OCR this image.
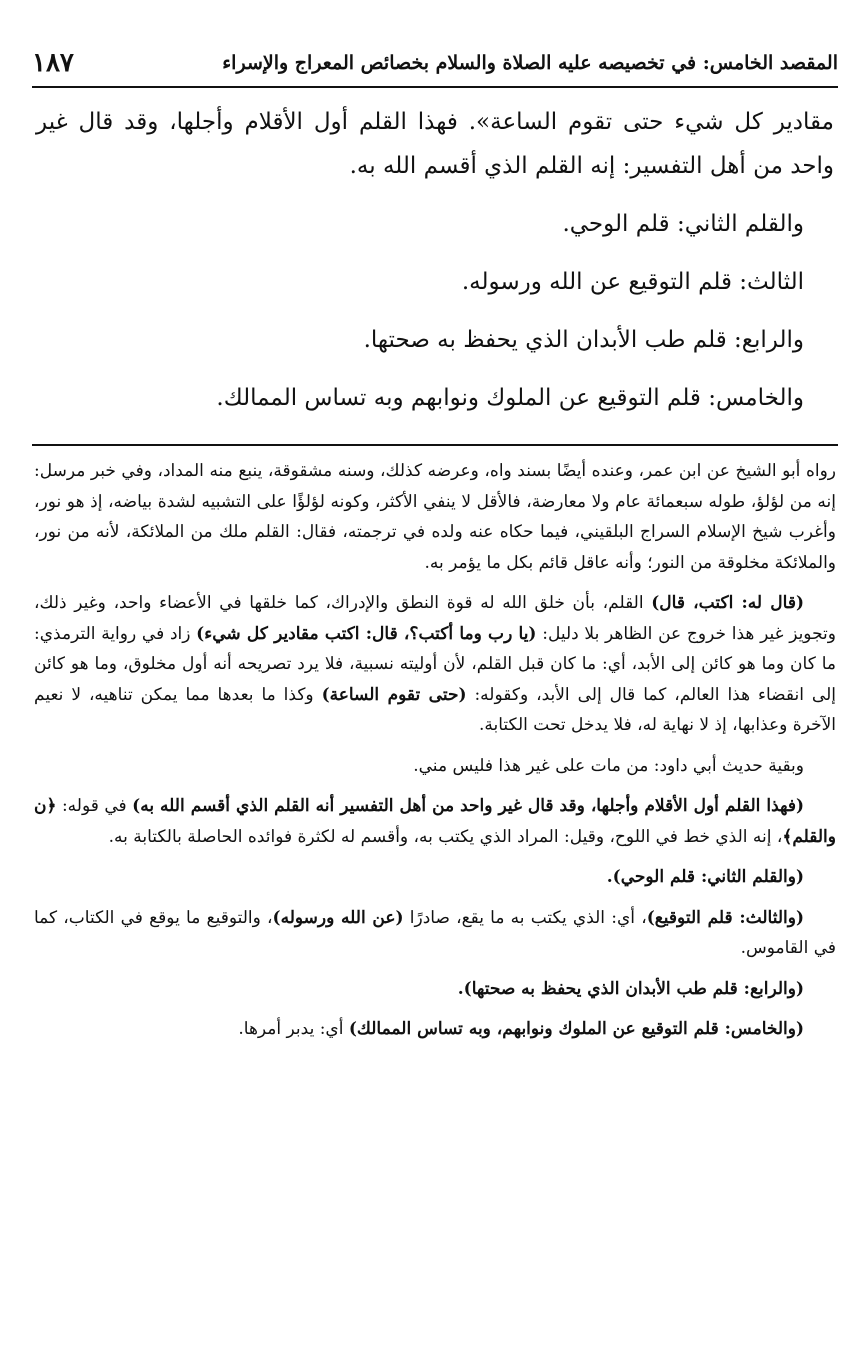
١٨٧	المقصد الخامس: في تخصيصه عليه الصلاة والسلام بخصائص المعراج والإسراء

مقادير كل شيء حتى تقوم الساعة». فهذا القلم أول الأقلام وأجلها، وقد قال غير واحد من أهل التفسير: إنه القلم الذي أقسم الله به.

والقلم الثاني: قلم الوحي.

الثالث: قلم التوقيع عن الله ورسوله.

والرابع: قلم طب الأبدان الذي يحفظ به صحتها.

والخامس: قلم التوقيع عن الملوك ونوابهم وبه تساس الممالك.

رواه أبو الشيخ عن ابن عمر، وعنده أيضًا بسند واه، وعرضه كذلك، وسنه مشقوقة، ينبع منه المداد، وفي خبر مرسل: إنه من لؤلؤ، طوله سبعمائة عام ولا معارضة، فالأقل لا ينفي الأكثر، وكونه لؤلؤًا على التشبيه لشدة بياضه، إذ هو نور، وأغرب شيخ الإسلام السراج البلقيني، فيما حكاه عنه ولده في ترجمته، فقال: القلم ملك من الملائكة، لأنه من نور، والملائكة مخلوقة من النور؛ وأنه عاقل قائم بكل ما يؤمر به.

(قال له: اكتب، قال) القلم، بأن خلق الله له قوة النطق والإدراك، كما خلقها في الأعضاء واحد، وغير ذلك، وتجويز غير هذا خروج عن الظاهر بلا دليل: (يا رب وما أكتب؟، قال: اكتب مقادير كل شيء) زاد في رواية الترمذي: ما كان وما هو كائن إلى الأبد، أي: ما كان قبل القلم، لأن أوليته نسبية، فلا يرد تصريحه أنه أول مخلوق، وما هو كائن إلى انقضاء هذا العالم، كما قال إلى الأبد، وكقوله: (حتى تقوم الساعة) وكذا ما بعدها مما يمكن تناهيه، لا نعيم الآخرة وعذابها، إذ لا نهاية له، فلا يدخل تحت الكتابة.

وبقية حديث أبي داود: من مات على غير هذا فليس مني.

(فهذا القلم أول الأقلام وأجلها، وقد قال غير واحد من أهل التفسير أنه القلم الذي أقسم الله به) في قوله: ﴿ن والقلم﴾، إنه الذي خط في اللوح، وقيل: المراد الذي يكتب به، وأقسم له لكثرة فوائده الحاصلة بالكتابة به.

(والقلم الثاني: قلم الوحي).

(والثالث: قلم التوقيع)، أي: الذي يكتب به ما يقع، صادرًا (عن الله ورسوله)، والتوقيع ما يوقع في الكتاب، كما في القاموس.

(والرابع: قلم طب الأبدان الذي يحفظ به صحتها).

(والخامس: قلم التوقيع عن الملوك ونوابهم، وبه تساس الممالك) أي: يدبر أمرها.
